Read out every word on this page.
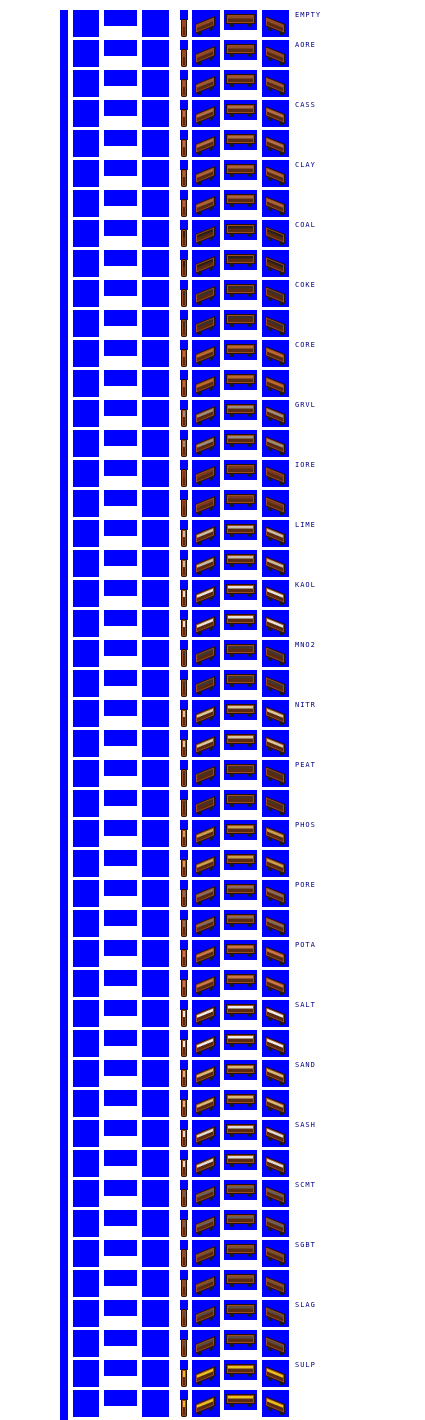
EMPTY
AORE
CASS
CLAY
COAL
COKE
CORE
GRVL
IORE
LIME
KAOL
MNO2
NITR
PEAT
PHOS
PORE
POTA
SALT
SAND
SASH
SCMT
SGBT
SLAG
SULP
